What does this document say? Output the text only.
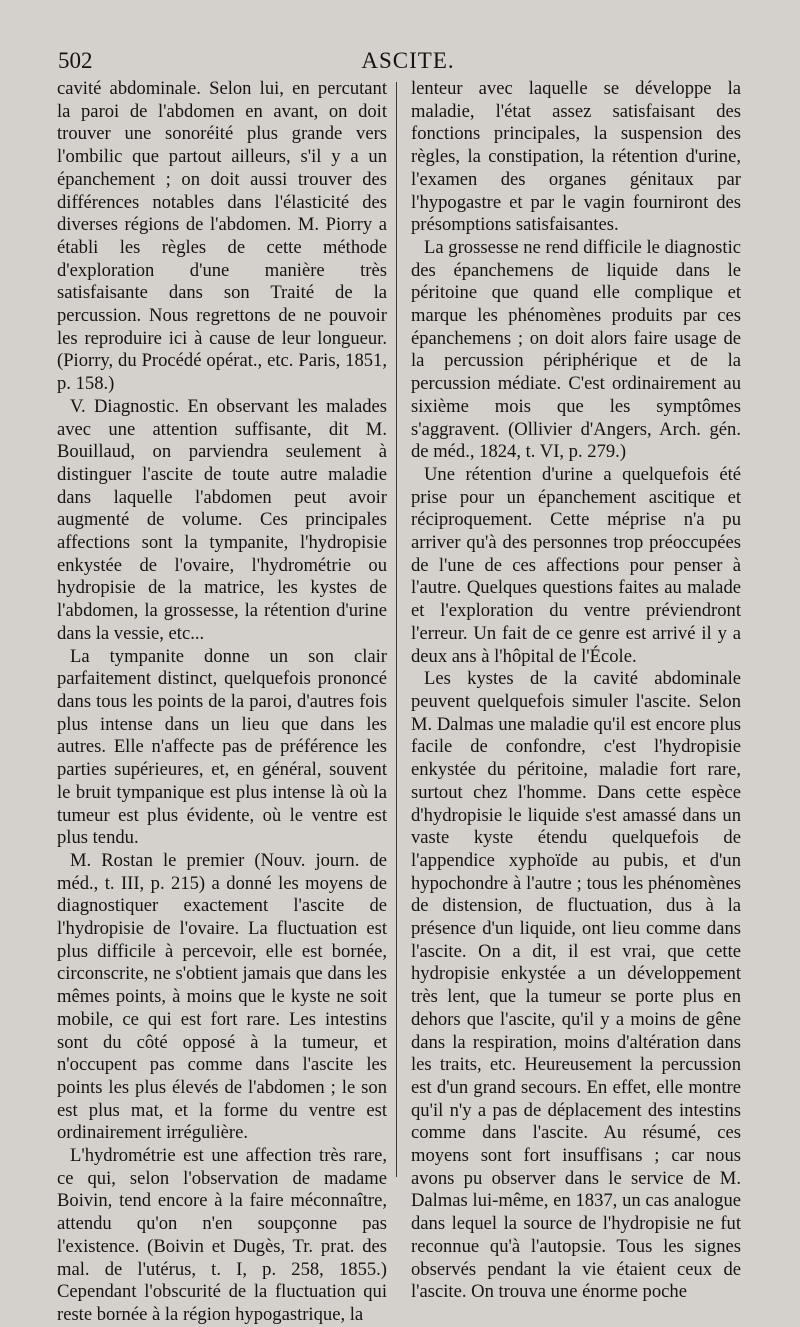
502	ASCITE.

cavité abdominale. Selon lui, en percutant la paroi de l'abdomen en avant, on doit trouver une sonoréité plus grande vers l'ombilic que partout ailleurs, s'il y a un épanchement ; on doit aussi trouver des différences notables dans l'élasticité des diverses régions de l'abdomen. M. Piorry a établi les règles de cette méthode d'exploration d'une manière très satisfaisante dans son Traité de la percussion. Nous regrettons de ne pouvoir les reproduire ici à cause de leur longueur. (Piorry, du Procédé opérat., etc. Paris, 1851, p. 158.)

V. Diagnostic. En observant les malades avec une attention suffisante, dit M. Bouillaud, on parviendra seulement à distinguer l'ascite de toute autre maladie dans laquelle l'abdomen peut avoir augmenté de volume. Ces principales affections sont la tympanite, l'hydropisie enkystée de l'ovaire, l'hydrométrie ou hydropisie de la matrice, les kystes de l'abdomen, la grossesse, la rétention d'urine dans la vessie, etc...

La tympanite donne un son clair parfaitement distinct, quelquefois prononcé dans tous les points de la paroi, d'autres fois plus intense dans un lieu que dans les autres. Elle n'affecte pas de préférence les parties supérieures, et, en général, souvent le bruit tympanique est plus intense là où la tumeur est plus évidente, où le ventre est plus tendu.

M. Rostan le premier (Nouv. journ. de méd., t. III, p. 215) a donné les moyens de diagnostiquer exactement l'ascite de l'hydropisie de l'ovaire. La fluctuation est plus difficile à percevoir, elle est bornée, circonscrite, ne s'obtient jamais que dans les mêmes points, à moins que le kyste ne soit mobile, ce qui est fort rare. Les intestins sont du côté opposé à la tumeur, et n'occupent pas comme dans l'ascite les points les plus élevés de l'abdomen ; le son est plus mat, et la forme du ventre est ordinairement irrégulière.

L'hydrométrie est une affection très rare, ce qui, selon l'observation de madame Boivin, tend encore à la faire méconnaître, attendu qu'on n'en soupçonne pas l'existence. (Boivin et Dugès, Tr. prat. des mal. de l'utérus, t. I, p. 258, 1855.) Cependant l'obscurité de la fluctuation qui reste bornée à la région hypogastrique, la

lenteur avec laquelle se développe la maladie, l'état assez satisfaisant des fonctions principales, la suspension des règles, la constipation, la rétention d'urine, l'examen des organes génitaux par l'hypogastre et par le vagin fourniront des présomptions satisfaisantes.

La grossesse ne rend difficile le diagnostic des épanchemens de liquide dans le péritoine que quand elle complique et marque les phénomènes produits par ces épanchemens ; on doit alors faire usage de la percussion périphérique et de la percussion médiate. C'est ordinairement au sixième mois que les symptômes s'aggravent. (Ollivier d'Angers, Arch. gén. de méd., 1824, t. VI, p. 279.)

Une rétention d'urine a quelquefois été prise pour un épanchement ascitique et réciproquement. Cette méprise n'a pu arriver qu'à des personnes trop préoccupées de l'une de ces affections pour penser à l'autre. Quelques questions faites au malade et l'exploration du ventre préviendront l'erreur. Un fait de ce genre est arrivé il y a deux ans à l'hôpital de l'École.

Les kystes de la cavité abdominale peuvent quelquefois simuler l'ascite. Selon M. Dalmas une maladie qu'il est encore plus facile de confondre, c'est l'hydropisie enkystée du péritoine, maladie fort rare, surtout chez l'homme. Dans cette espèce d'hydropisie le liquide s'est amassé dans un vaste kyste étendu quelquefois de l'appendice xyphoïde au pubis, et d'un hypochondre à l'autre ; tous les phénomènes de distension, de fluctuation, dus à la présence d'un liquide, ont lieu comme dans l'ascite. On a dit, il est vrai, que cette hydropisie enkystée a un développement très lent, que la tumeur se porte plus en dehors que l'ascite, qu'il y a moins de gêne dans la respiration, moins d'altération dans les traits, etc. Heureusement la percussion est d'un grand secours. En effet, elle montre qu'il n'y a pas de déplacement des intestins comme dans l'ascite. Au résumé, ces moyens sont fort insuffisans ; car nous avons pu observer dans le service de M. Dalmas lui-même, en 1837, un cas analogue dans lequel la source de l'hydropisie ne fut reconnue qu'à l'autopsie. Tous les signes observés pendant la vie étaient ceux de l'ascite. On trouva une énorme poche
